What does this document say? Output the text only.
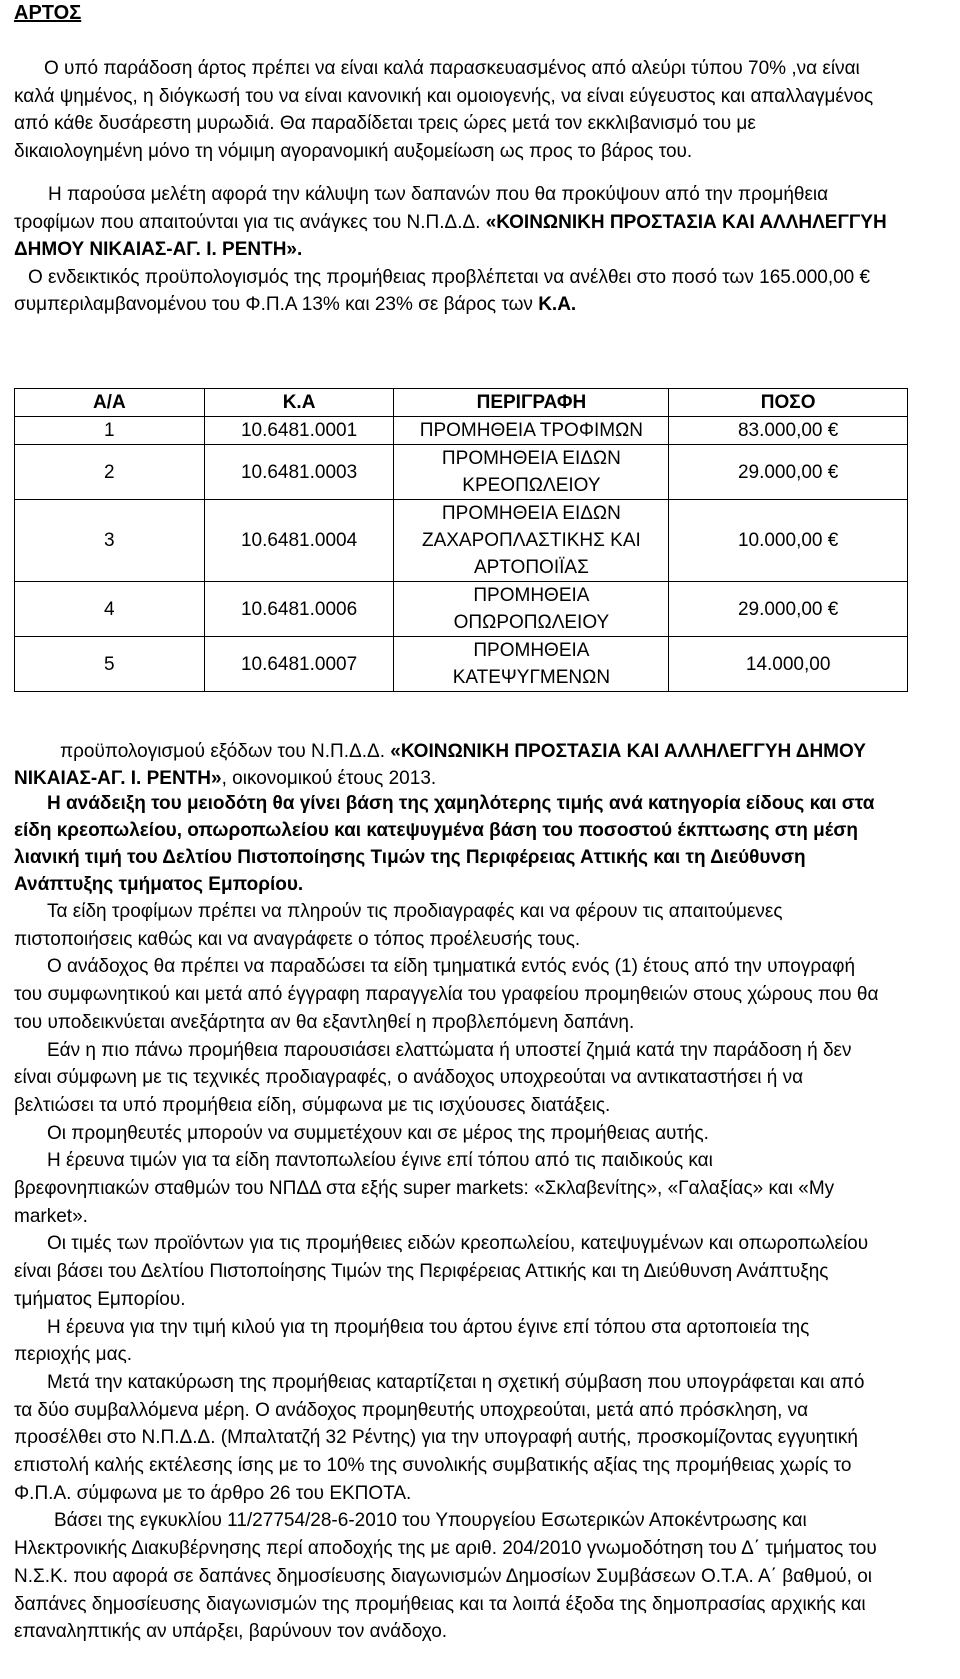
ΑΡΤΟΣ
Ο υπό παράδοση άρτος πρέπει να είναι καλά παρασκευασμένος από αλεύρι τύπου 70% ,να είναι
καλά ψημένος, η διόγκωσή του να είναι κανονική και ομοιογενής, να είναι εύγευστος και απαλλαγμένος
από κάθε δυσάρεστη μυρωδιά. Θα παραδίδεται τρεις ώρες μετά τον εκκλιβανισμό του με
δικαιολογημένη μόνο τη νόμιμη αγορανομική αυξομείωση ως προς το βάρος του.
Η παρούσα μελέτη αφορά την κάλυψη των δαπανών που θα προκύψουν από την προμήθεια
τροφίμων που απαιτούνται για τις ανάγκες του Ν.Π.Δ.Δ. «ΚΟΙΝΩΝΙΚΗ ΠΡΟΣΤΑΣΙΑ ΚΑΙ ΑΛΛΗΛΕΓΓΥΗ
ΔΗΜΟΥ ΝΙΚΑΙΑΣ-ΑΓ. Ι. ΡΕΝΤΗ».
Ο ενδεικτικός προϋπολογισμός της προμήθειας προβλέπεται να ανέλθει στο ποσό των 165.000,00 €
συμπεριλαμβανομένου του Φ.Π.Α 13% και 23% σε βάρος των Κ.Α.
Α/Α	Κ.Α	ΠΕΡΙΓΡΑΦΗ	ΠΟΣΟ
1	10.6481.0001	ΠΡΟΜΗΘΕΙΑ ΤΡΟΦΙΜΩΝ	83.000,00 €
2	10.6481.0003	ΠΡΟΜΗΘΕΙΑ ΕΙΔΩΝ
ΚΡΕΟΠΩΛΕΙΟΥ	29.000,00 €
3	10.6481.0004	ΠΡΟΜΗΘΕΙΑ ΕΙΔΩΝ
ΖΑΧΑΡΟΠΛΑΣΤΙΚΗΣ ΚΑΙ
ΑΡΤΟΠΟΙΪΑΣ	10.000,00 €
4	10.6481.0006	ΠΡΟΜΗΘΕΙΑ
ΟΠΩΡΟΠΩΛΕΙΟΥ	29.000,00 €
5	10.6481.0007	ΠΡΟΜΗΘΕΙΑ
ΚΑΤΕΨΥΓΜΕΝΩΝ	14.000,00
προϋπολογισμού εξόδων του Ν.Π.Δ.Δ. «ΚΟΙΝΩΝΙΚΗ ΠΡΟΣΤΑΣΙΑ ΚΑΙ ΑΛΛΗΛΕΓΓΥΗ ΔΗΜΟΥ
ΝΙΚΑΙΑΣ-ΑΓ. Ι. ΡΕΝΤΗ», οικονομικού έτους 2013.
Η ανάδειξη του μειοδότη θα γίνει βάση της χαμηλότερης τιμής ανά κατηγορία είδους και στα
είδη κρεοπωλείου, οπωροπωλείου και κατεψυγμένα βάση του ποσοστού έκπτωσης στη μέση
λιανική τιμή του Δελτίου Πιστοποίησης Τιμών της Περιφέρειας Αττικής και τη Διεύθυνση
Ανάπτυξης τμήματος Εμπορίου.
Τα είδη τροφίμων πρέπει να πληρούν τις προδιαγραφές και να φέρουν τις απαιτούμενες
πιστοποιήσεις καθώς και να αναγράφετε ο τόπος προέλευσής τους.
Ο ανάδοχος θα πρέπει να παραδώσει τα είδη τμηματικά εντός ενός (1) έτους από την υπογραφή
του συμφωνητικού και μετά από έγγραφη παραγγελία του γραφείου προμηθειών στους χώρους που θα
του υποδεικνύεται ανεξάρτητα αν θα εξαντληθεί η προβλεπόμενη δαπάνη.
Εάν η πιο πάνω προμήθεια παρουσιάσει ελαττώματα ή υποστεί ζημιά κατά την παράδοση ή δεν
είναι σύμφωνη με τις τεχνικές προδιαγραφές, ο ανάδοχος υποχρεούται να αντικαταστήσει ή να
βελτιώσει τα υπό προμήθεια είδη, σύμφωνα με τις ισχύουσες διατάξεις.
Οι προμηθευτές μπορούν να συμμετέχουν και σε μέρος της προμήθειας αυτής.
Η έρευνα τιμών για τα είδη παντοπωλείου έγινε επί τόπου από τις παιδικούς και
βρεφονηπιακών σταθμών του ΝΠΔΔ στα εξής super markets: «Σκλαβενίτης», «Γαλαξίας» και «My
market».
Οι τιμές των προϊόντων για τις προμήθειες ειδών κρεοπωλείου, κατεψυγμένων και οπωροπωλείου
είναι βάσει του Δελτίου Πιστοποίησης Τιμών της Περιφέρειας Αττικής και τη Διεύθυνση Ανάπτυξης
τμήματος Εμπορίου.
Η έρευνα για την τιμή κιλού για τη προμήθεια του άρτου έγινε επί τόπου στα αρτοποιεία της
περιοχής μας.
Μετά την κατακύρωση της προμήθειας καταρτίζεται η σχετική σύμβαση που υπογράφεται και από
τα δύο συμβαλλόμενα μέρη. Ο ανάδοχος προμηθευτής υποχρεούται, μετά από πρόσκληση, να
προσέλθει στο Ν.Π.Δ.Δ. (Μπαλτατζή 32 Ρέντης) για την υπογραφή αυτής, προσκομίζοντας εγγυητική
επιστολή καλής εκτέλεσης ίσης με το 10% της συνολικής συμβατικής αξίας της προμήθειας χωρίς το
Φ.Π.Α. σύμφωνα με το άρθρο 26 του ΕΚΠΟΤΑ.
Βάσει της εγκυκλίου 11/27754/28-6-2010 του Υπουργείου Εσωτερικών Αποκέντρωσης και
Ηλεκτρονικής Διακυβέρνησης περί αποδοχής της με αριθ. 204/2010 γνωμοδότηση του Δ΄ τμήματος του
Ν.Σ.Κ. που αφορά σε δαπάνες δημοσίευσης διαγωνισμών Δημοσίων Συμβάσεων Ο.Τ.Α. Α΄ βαθμού, οι
δαπάνες δημοσίευσης διαγωνισμών της προμήθειας και τα λοιπά έξοδα της δημοπρασίας αρχικής και
επαναληπτικής αν υπάρξει, βαρύνουν τον ανάδοχο.
